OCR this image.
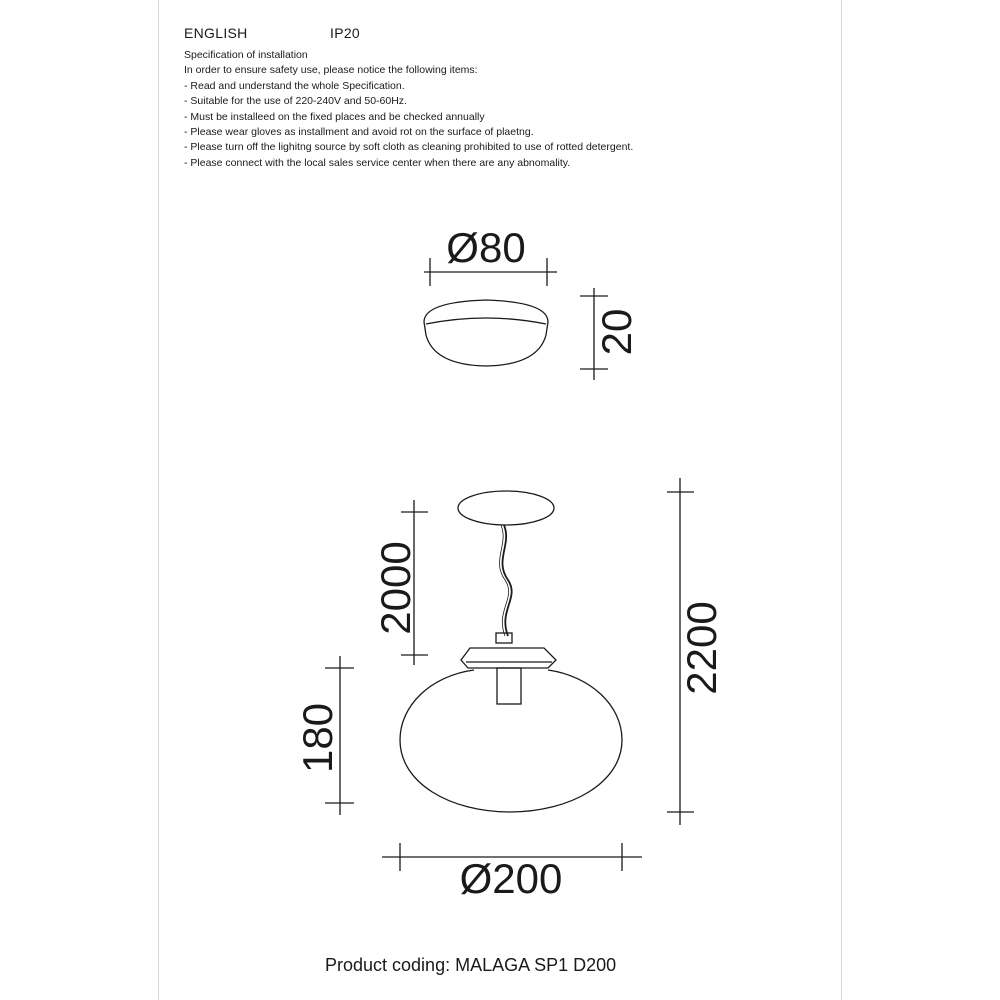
ENGLISH	IP20
Specification of installation
In order to ensure safety use, please notice the following items:
- Read and understand the whole Specification.
- Suitable for the use of 220-240V and 50-60Hz.
- Must be installeed on the fixed places and be checked annually
- Please wear gloves as installment and avoid rot on the surface of plaetng.
- Please turn off the lighitng source by soft cloth as cleaning prohibited to use of rotted detergent.
- Please connect with the local sales service center when there are any abnomality.
Ø80
20
2000
2200
180
Ø200
Product coding: MALAGA SP1 D200
